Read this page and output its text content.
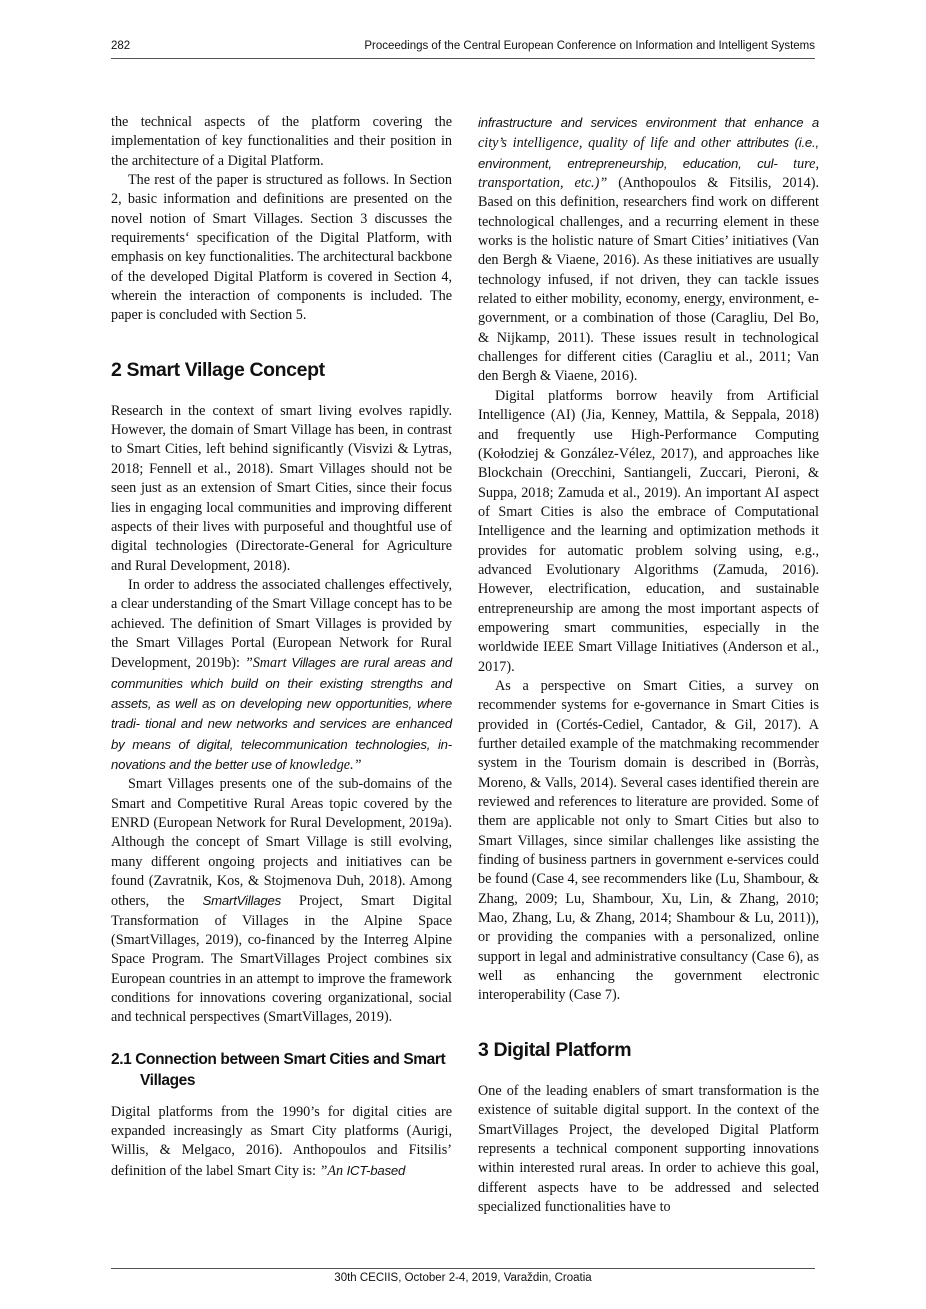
282	Proceedings of the Central European Conference on Information and Intelligent Systems

the technical aspects of the platform covering the implementation of key functionalities and their position in the architecture of a Digital Platform.

The rest of the paper is structured as follows. In Section 2, basic information and definitions are presented on the novel notion of Smart Villages. Section 3 discusses the requirements‘ specification of the Digital Platform, with emphasis on key functionalities. The architectural backbone of the developed Digital Platform is covered in Section 4, wherein the interaction of components is included. The paper is concluded with Section 5.

2 Smart Village Concept

Research in the context of smart living evolves rapidly. However, the domain of Smart Village has been, in contrast to Smart Cities, left behind significantly (Visvizi & Lytras, 2018; Fennell et al., 2018). Smart Villages should not be seen just as an extension of Smart Cities, since their focus lies in engaging local communities and improving different aspects of their lives with purposeful and thoughtful use of digital technologies (Directorate-General for Agriculture and Rural Development, 2018).

In order to address the associated challenges effectively, a clear understanding of the Smart Village concept has to be achieved. The definition of Smart Villages is provided by the Smart Villages Portal (European Network for Rural Development, 2019b): ”Smart Villages are rural areas and communities which build on their existing strengths and assets, as well as on developing new opportunities, where tradi- tional and new networks and services are enhanced by means of digital, telecommunication technologies, in- novations and the better use of knowledge.”

Smart Villages presents one of the sub-domains of the Smart and Competitive Rural Areas topic covered by the ENRD (European Network for Rural Development, 2019a). Although the concept of Smart Village is still evolving, many different ongoing projects and initiatives can be found (Zavratnik, Kos, & Stojmenova Duh, 2018). Among others, the SmartVillages Project, Smart Digital Transformation of Villages in the Alpine Space (SmartVillages, 2019), co-financed by the Interreg Alpine Space Program. The SmartVillages Project combines six European countries in an attempt to improve the framework conditions for innovations covering organizational, social and technical perspectives (SmartVillages, 2019).

2.1 Connection between Smart Cities and Smart Villages

Digital platforms from the 1990’s for digital cities are expanded increasingly as Smart City platforms (Aurigi, Willis, & Melgaco, 2016). Anthopoulos and Fitsilis’ definition of the label Smart City is: ”An ICT-based

infrastructure and services environment that enhance a city’s intelligence, quality of life and other attributes (i.e., environment, entrepreneurship, education, cul- ture, transportation, etc.)” (Anthopoulos & Fitsilis, 2014). Based on this definition, researchers find work on different technological challenges, and a recurring element in these works is the holistic nature of Smart Cities’ initiatives (Van den Bergh & Viaene, 2016). As these initiatives are usually technology infused, if not driven, they can tackle issues related to either mobility, economy, energy, environment, e-government, or a combination of those (Caragliu, Del Bo, & Nijkamp, 2011). These issues result in technological challenges for different cities (Caragliu et al., 2011; Van den Bergh & Viaene, 2016).

Digital platforms borrow heavily from Artificial Intelligence (AI) (Jia, Kenney, Mattila, & Seppala, 2018) and frequently use High-Performance Computing (Kołodziej & González-Vélez, 2017), and approaches like Blockchain (Orecchini, Santiangeli, Zuccari, Pieroni, & Suppa, 2018; Zamuda et al., 2019). An important AI aspect of Smart Cities is also the embrace of Computational Intelligence and the learning and optimization methods it provides for automatic problem solving using, e.g., advanced Evolutionary Algorithms (Zamuda, 2016). However, electrification, education, and sustainable entrepreneurship are among the most important aspects of empowering smart communities, especially in the worldwide IEEE Smart Village Initiatives (Anderson et al., 2017).

As a perspective on Smart Cities, a survey on recommender systems for e-governance in Smart Cities is provided in (Cortés-Cediel, Cantador, & Gil, 2017). A further detailed example of the matchmaking recommender system in the Tourism domain is described in (Borràs, Moreno, & Valls, 2014). Several cases identified therein are reviewed and references to literature are provided. Some of them are applicable not only to Smart Cities but also to Smart Villages, since similar challenges like assisting the finding of business partners in government e-services could be found (Case 4, see recommenders like (Lu, Shambour, & Zhang, 2009; Lu, Shambour, Xu, Lin, & Zhang, 2010; Mao, Zhang, Lu, & Zhang, 2014; Shambour & Lu, 2011)), or providing the companies with a personalized, online support in legal and administrative consultancy (Case 6), as well as enhancing the government electronic interoperability (Case 7).

3 Digital Platform

One of the leading enablers of smart transformation is the existence of suitable digital support. In the context of the SmartVillages Project, the developed Digital Platform represents a technical component supporting innovations within interested rural areas. In order to achieve this goal, different aspects have to be addressed and selected specialized functionalities have to

30th CECIIS, October 2-4, 2019, Varaždin, Croatia
